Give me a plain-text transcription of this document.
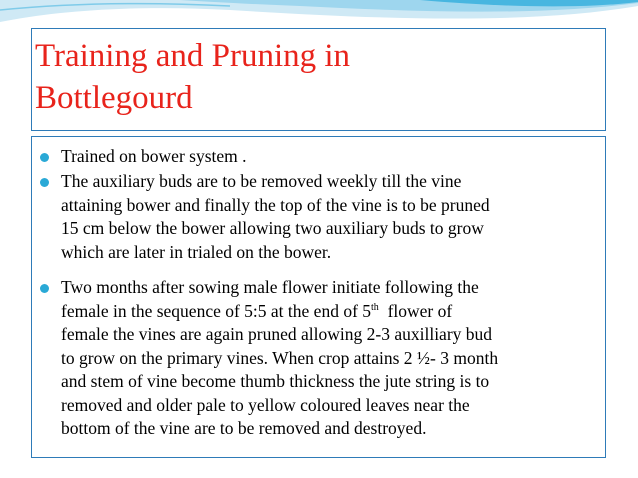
Training and Pruning in
Bottlegourd

Trained on bower system .

The auxiliary buds are to be removed weekly till the vine
attaining bower and finally the top of the vine is to be pruned
15 cm below the bower allowing two auxiliary buds to grow
which are later in trialed on the bower.

Two months after sowing male flower initiate following the
female in the sequence of 5:5 at the end of 5th  flower of
female the vines are again pruned allowing 2-3 auxilliary bud
to grow on the primary vines. When crop attains 2 ½- 3 month
and stem of vine become thumb thickness the jute string is to
removed and older pale to yellow coloured leaves near the
bottom of the vine are to be removed and destroyed.
